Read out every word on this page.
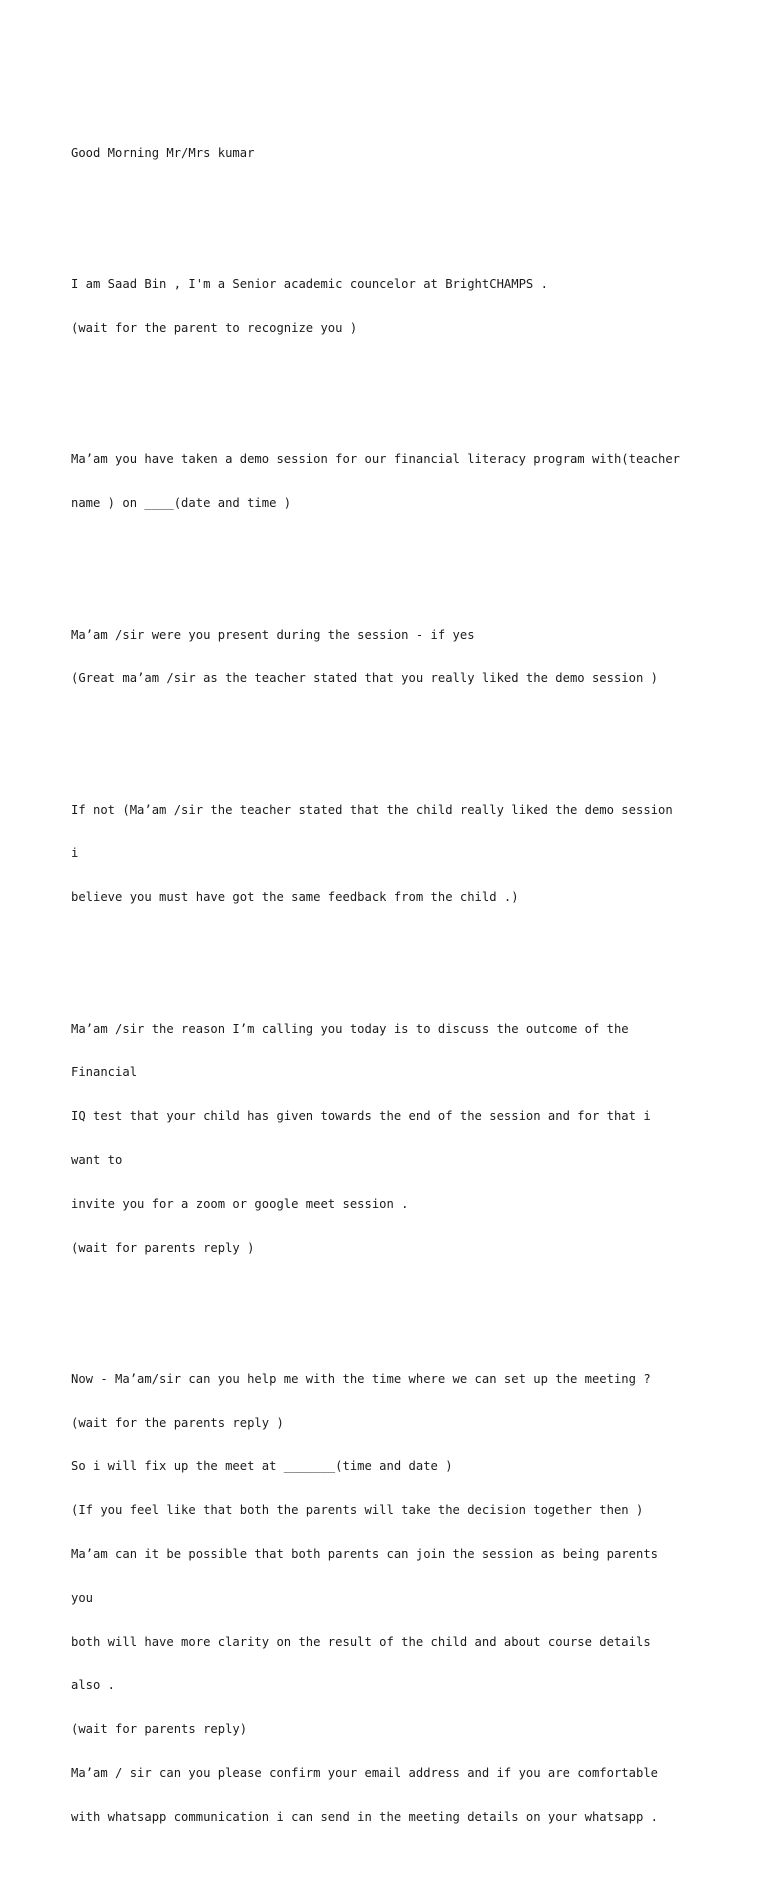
Good Morning Mr/Mrs kumar

I am Saad Bin , I'm a Senior academic councelor at BrightCHAMPS .

(wait for the parent to recognize you )

Ma’am you have taken a demo session for our financial literacy program with(teacher

name ) on ____(date and time )

Ma’am /sir were you present during the session - if yes

(Great ma’am /sir as the teacher stated that you really liked the demo session )

If not (Ma’am /sir the teacher stated that the child really liked the demo session

i

believe you must have got the same feedback from the child .)

Ma’am /sir the reason I’m calling you today is to discuss the outcome of the

Financial

IQ test that your child has given towards the end of the session and for that i

want to

invite you for a zoom or google meet session .

(wait for parents reply )

Now - Ma’am/sir can you help me with the time where we can set up the meeting ?

(wait for the parents reply )

So i will fix up the meet at _______(time and date )

(If you feel like that both the parents will take the decision together then )

Ma’am can it be possible that both parents can join the session as being parents

you

both will have more clarity on the result of the child and about course details

also .

(wait for parents reply)

Ma’am / sir can you please confirm your email address and if you are comfortable

with whatsapp communication i can send in the meeting details on your whatsapp .
